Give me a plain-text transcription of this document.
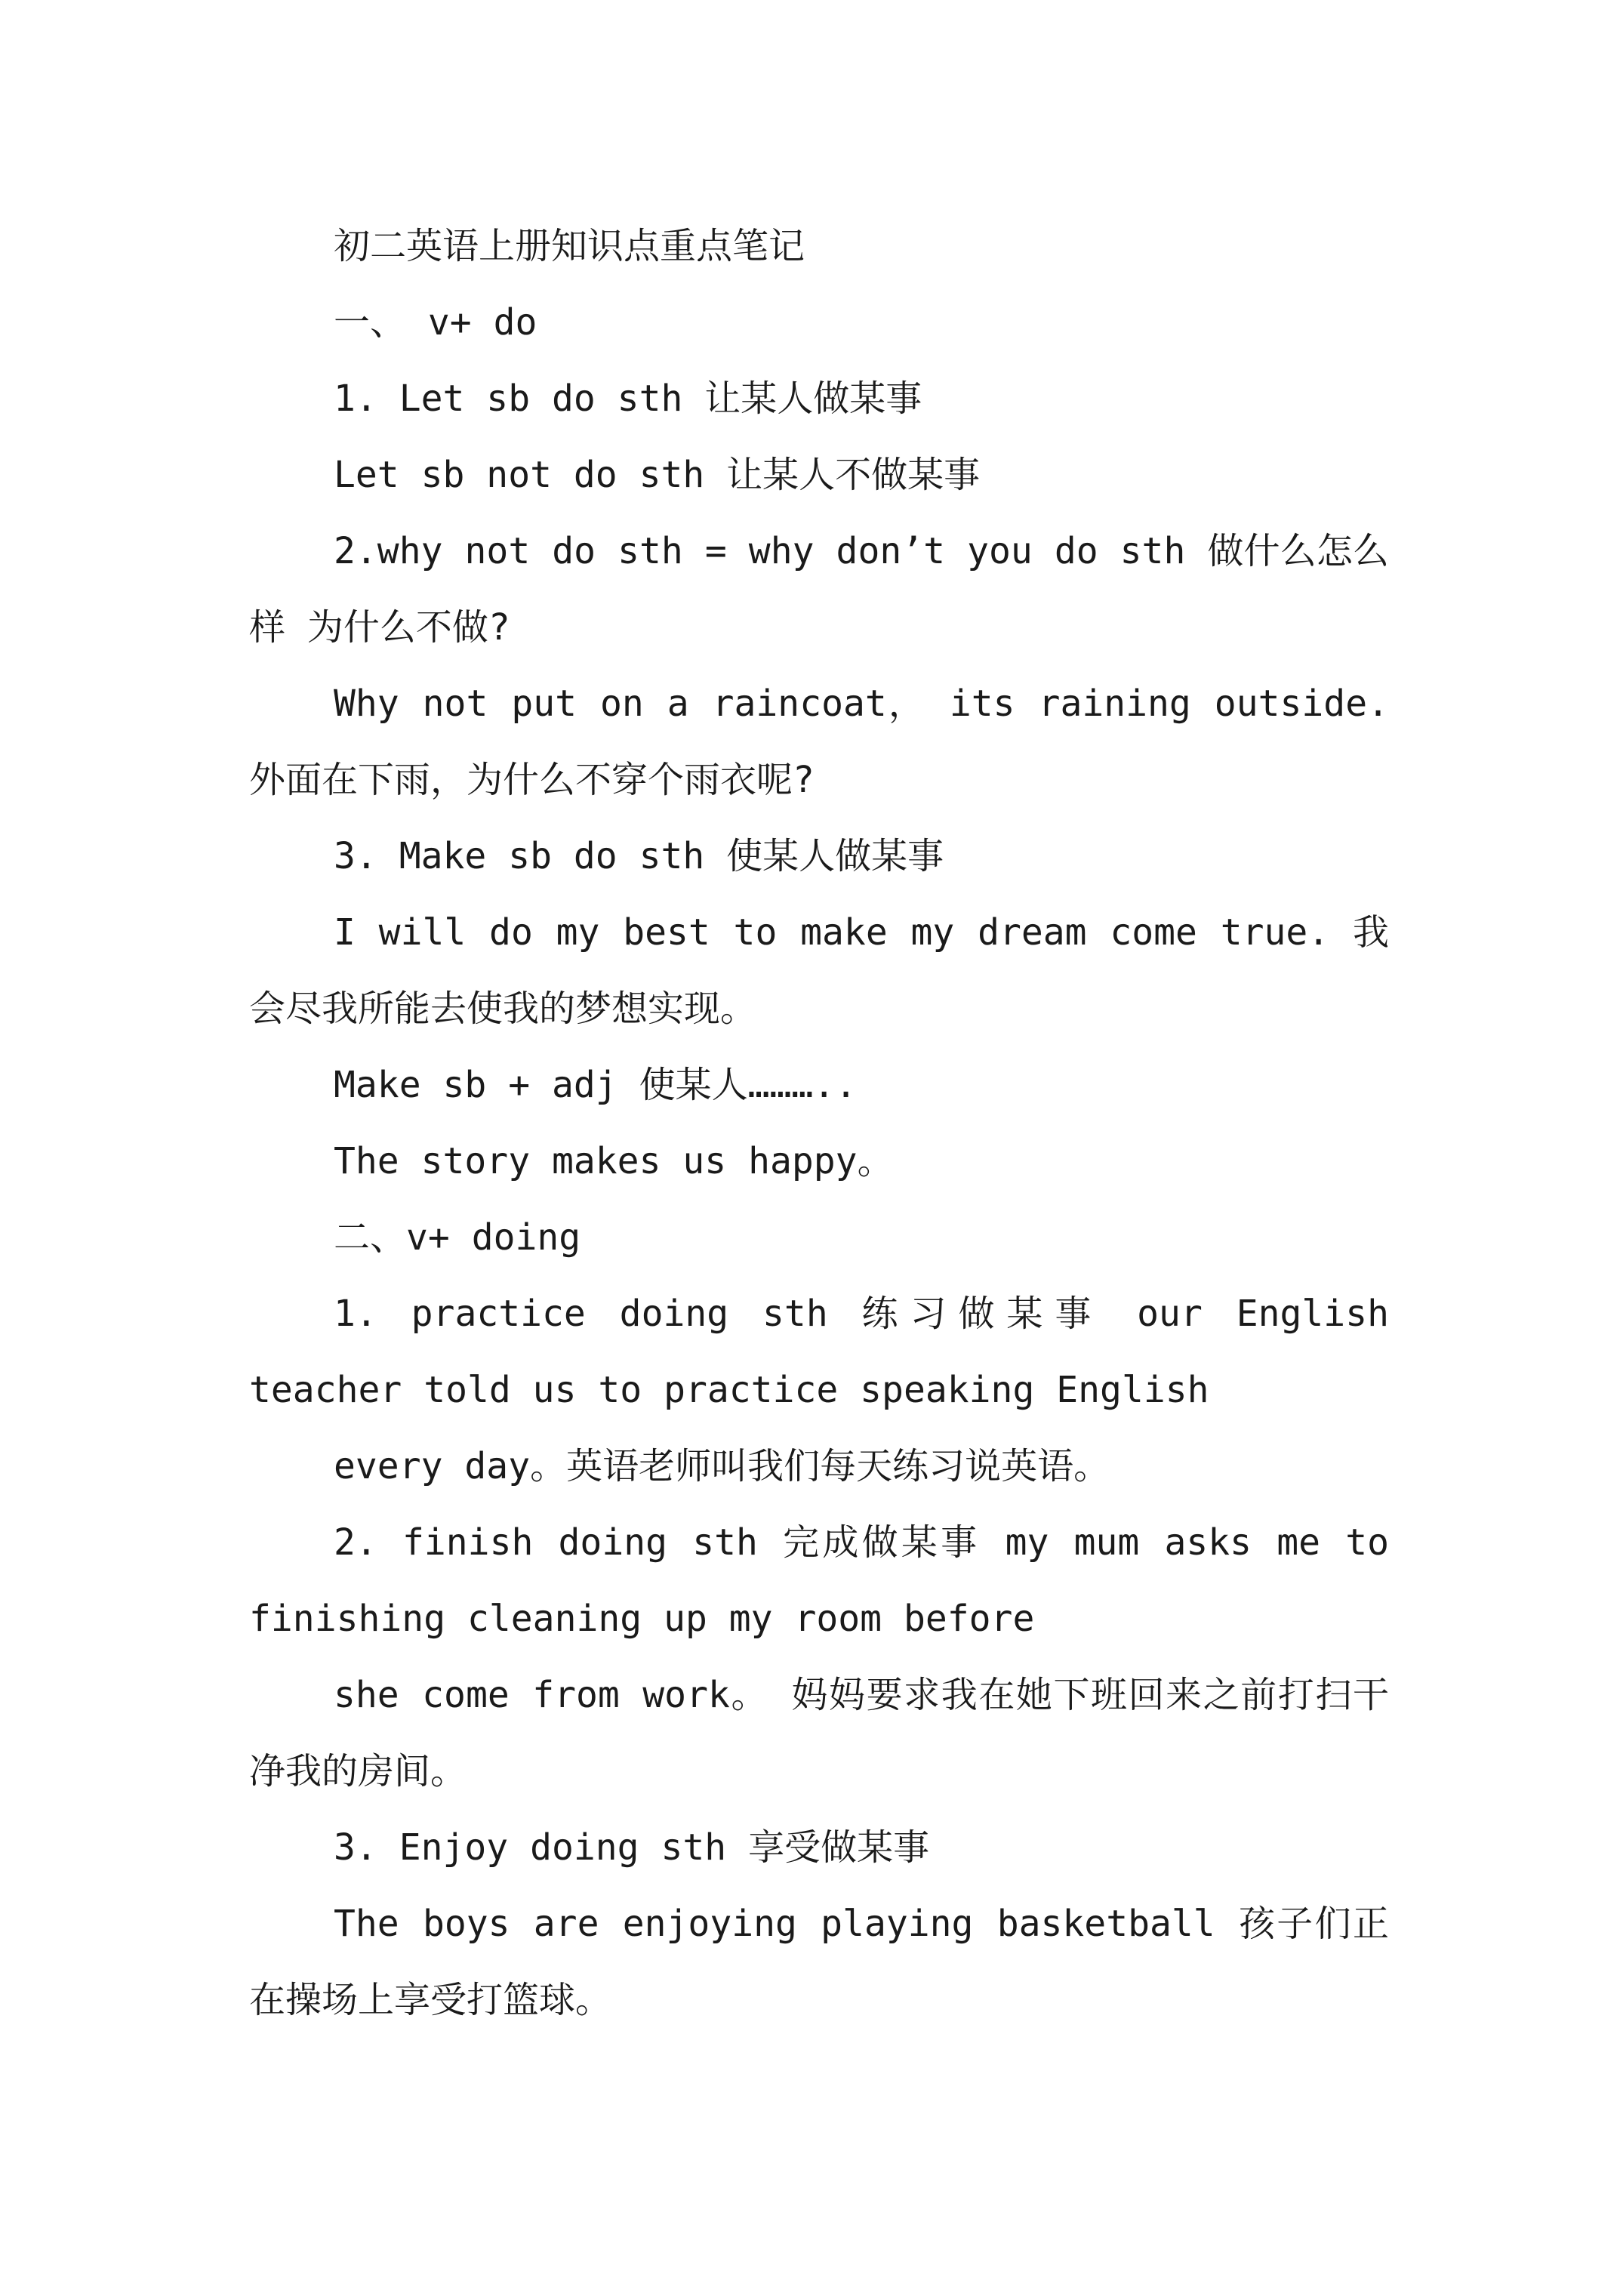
初二英语上册知识点重点笔记
一、 v+ do
1. Let sb do sth 让某人做某事
Let sb not do sth 让某人不做某事
2.why not do sth = why don’t you do sth 做什么怎么样 为什么不做?
Why not put on a raincoat， its raining outside. 外面在下雨，为什么不穿个雨衣呢?
3. Make sb do sth 使某人做某事
I will do my best to make my dream come true. 我会尽我所能去使我的梦想实现。
Make sb + adj 使某人………..
The story makes us happy。
二、v+ doing
1. practice doing sth 练习做某事 our English teacher told us to practice speaking English
every day。英语老师叫我们每天练习说英语。
2. finish doing sth 完成做某事 my mum asks me to finishing cleaning up my room before
she come from work。 妈妈要求我在她下班回来之前打扫干净我的房间。
3. Enjoy doing sth 享受做某事
The boys are enjoying playing basketball 孩子们正在操场上享受打篮球。
